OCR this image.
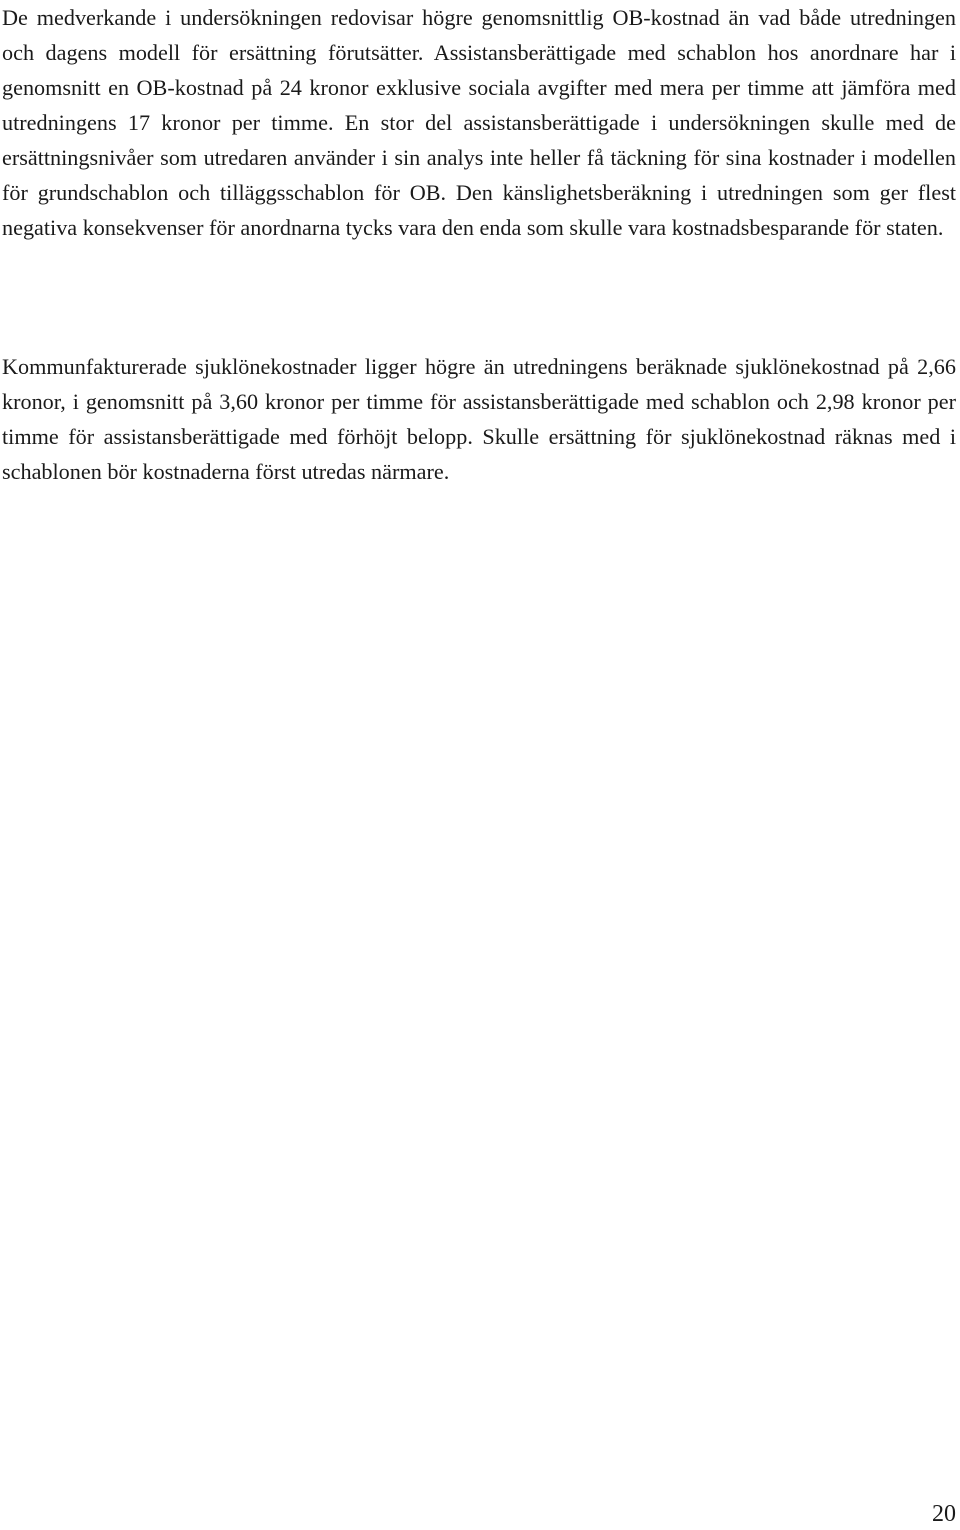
De medverkande i undersökningen redovisar högre genomsnittlig OB-kostnad än vad både utredningen och dagens modell för ersättning förutsätter. Assistansberättigade med schablon hos anordnare har i genomsnitt en OB-kostnad på 24 kronor exklusive sociala avgifter med mera per timme att jämföra med utredningens 17 kronor per timme. En stor del assistansberättigade i undersökningen skulle med de ersättningsnivåer som utredaren använder i sin analys inte heller få täckning för sina kostnader i modellen för grundschablon och tilläggsschablon för OB. Den känslighetsberäkning i utredningen som ger flest negativa konsekvenser för anordnarna tycks vara den enda som skulle vara kostnadsbesparande för staten.

Kommunfakturerade sjuklönekostnader ligger högre än utredningens beräknade sjuklönekostnad på 2,66 kronor, i genomsnitt på 3,60 kronor per timme för assistansberättigade med schablon och 2,98 kronor per timme för assistansberättigade med förhöjt belopp. Skulle ersättning för sjuklönekostnad räknas med i schablonen bör kostnaderna först utredas närmare.

20
